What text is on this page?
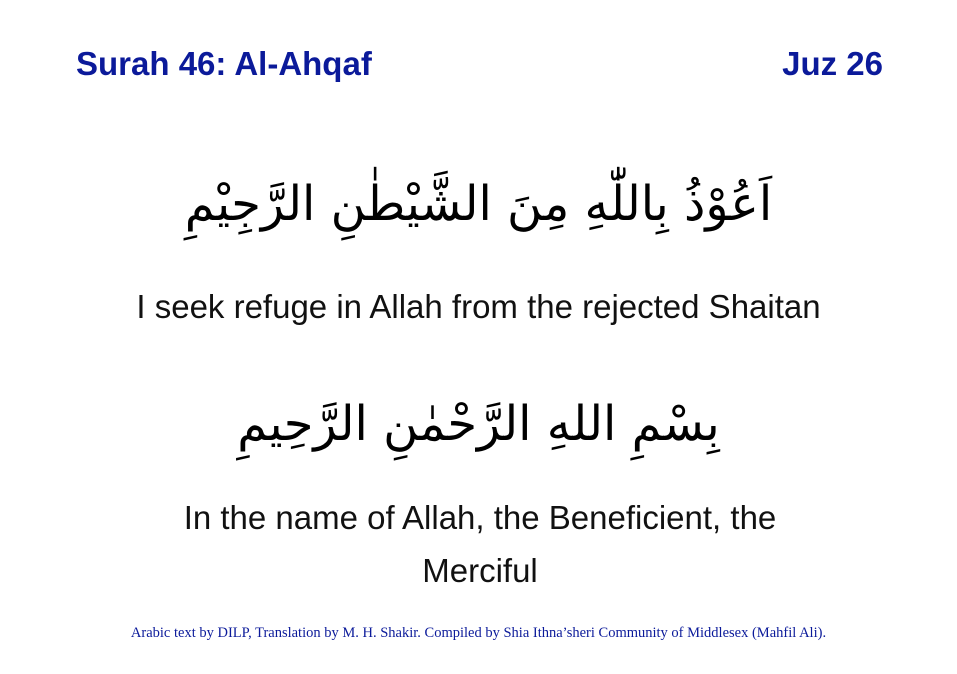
Surah 46: Al-Ahqaf	Juz 26
اَعُوْذُ بِاللّٰهِ مِنَ الشَّيْطٰنِ الرَّجِيْمِ
I seek refuge in Allah from the rejected Shaitan
بِسْمِ اللهِ الرَّحْمٰنِ الرَّحِيمِ
In the name of Allah, the Beneficient, the Merciful
Arabic text by DILP, Translation by M. H. Shakir. Compiled by Shia Ithna’sheri Community of Middlesex (Mahfil Ali).
